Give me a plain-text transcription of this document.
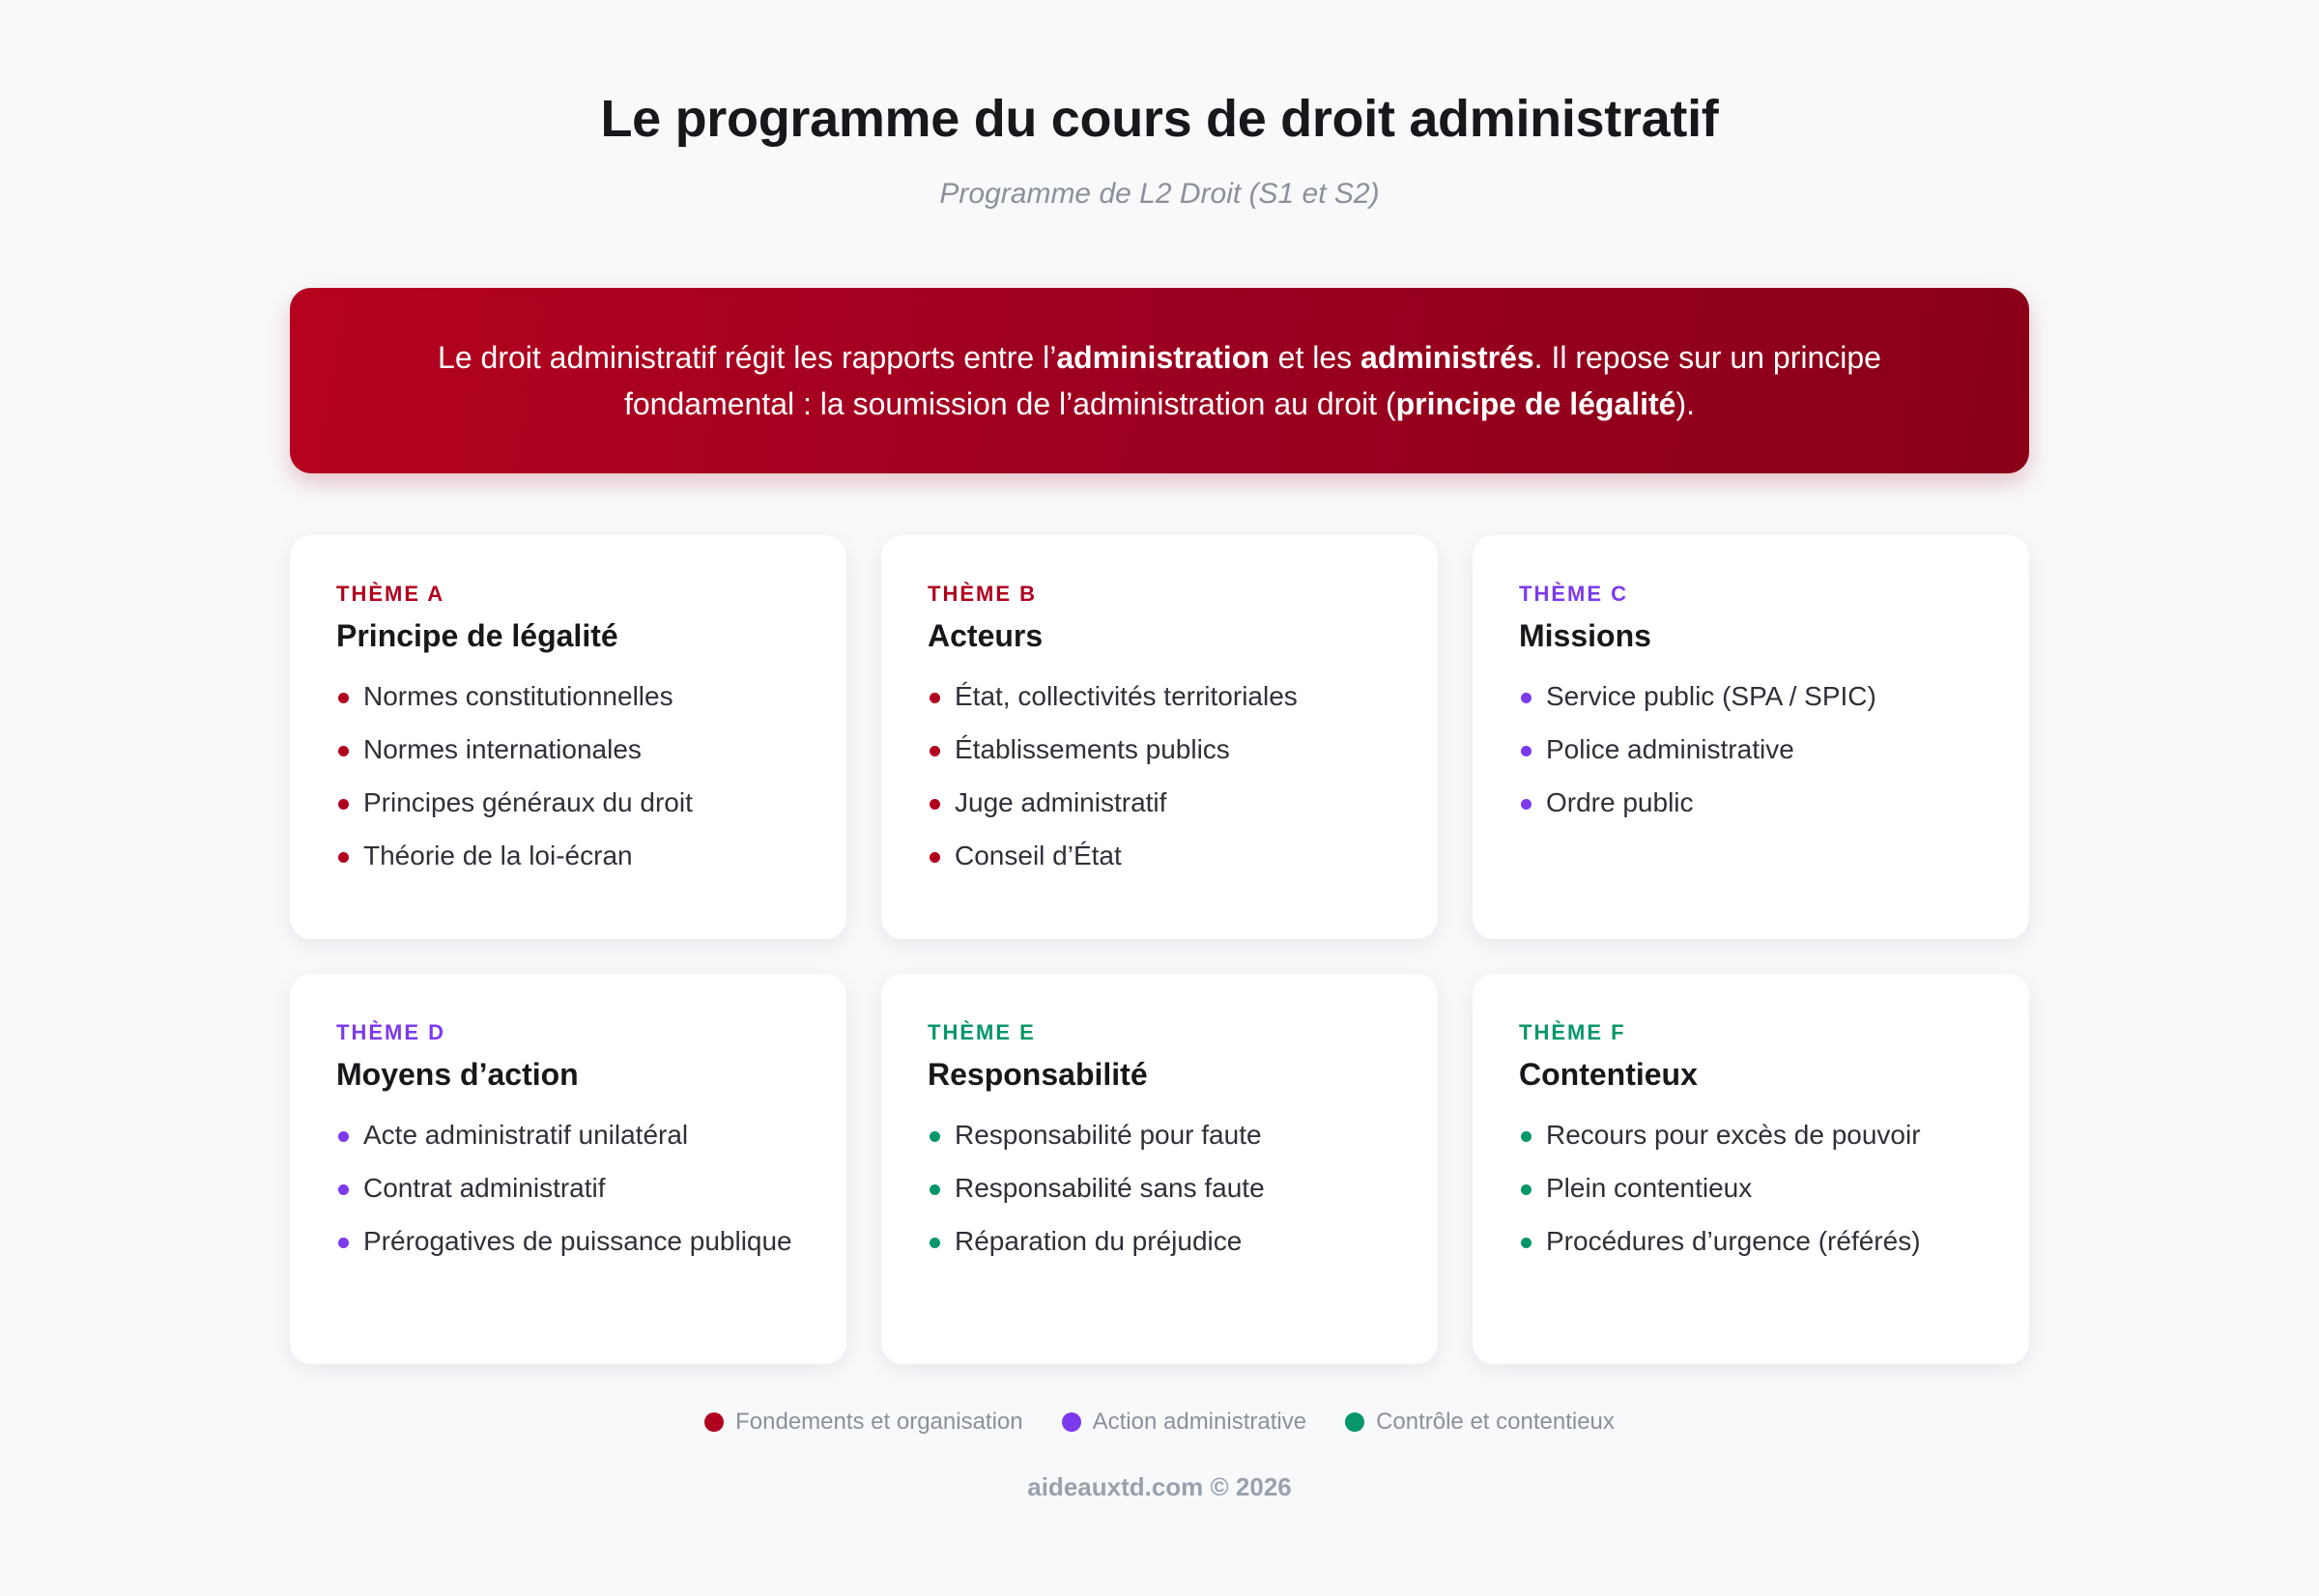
Le programme du cours de droit administratif
Programme de L2 Droit (S1 et S2)

Le droit administratif régit les rapports entre l’administration et les administrés. Il repose sur un principe fondamental : la soumission de l’administration au droit (principe de légalité).

THÈME A
Principe de légalité
Normes constitutionnelles
Normes internationales
Principes généraux du droit
Théorie de la loi-écran
THÈME B
Acteurs
État, collectivités territoriales
Établissements publics
Juge administratif
Conseil d’État
THÈME C
Missions
Service public (SPA / SPIC)
Police administrative
Ordre public
THÈME D
Moyens d’action
Acte administratif unilatéral
Contrat administratif
Prérogatives de puissance publique
THÈME E
Responsabilité
Responsabilité pour faute
Responsabilité sans faute
Réparation du préjudice
THÈME F
Contentieux
Recours pour excès de pouvoir
Plein contentieux
Procédures d’urgence (référés)
Fondements et organisation	Action administrative	Contrôle et contentieux
aideauxtd.com © 2026
